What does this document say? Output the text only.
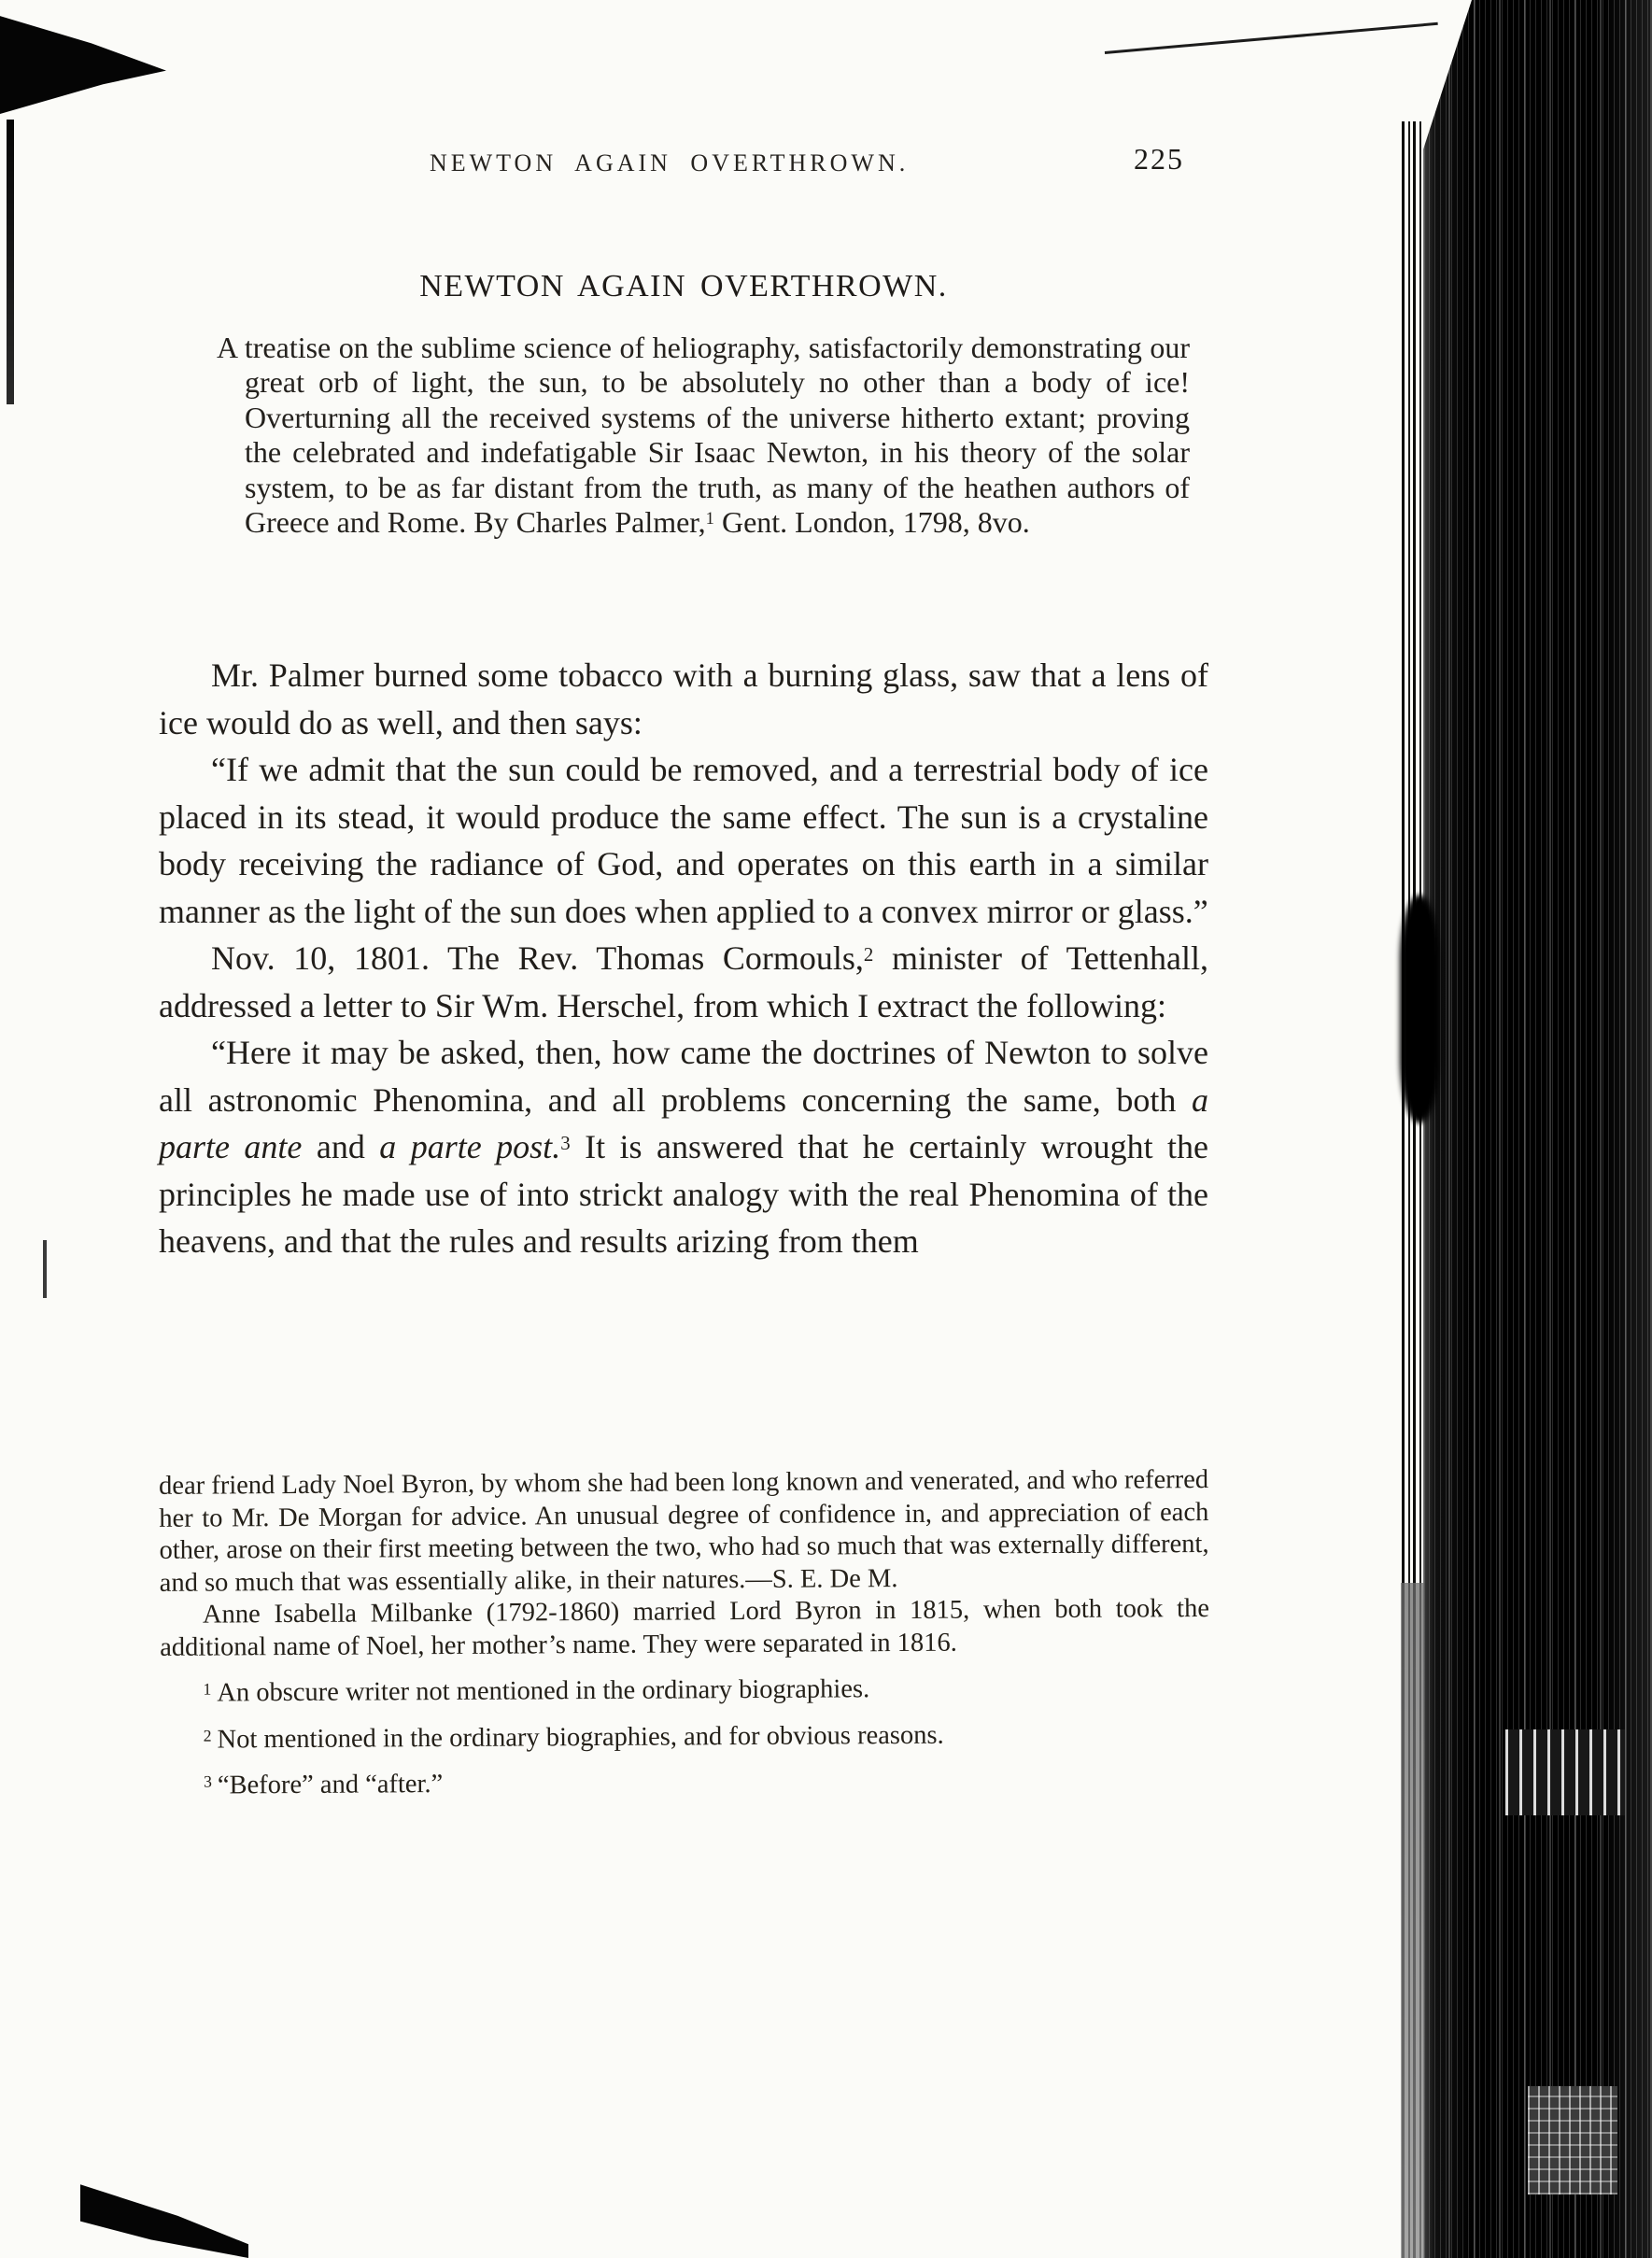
NEWTON AGAIN OVERTHROWN.	225
NEWTON AGAIN OVERTHROWN.

A treatise on the sublime science of heliography, satisfactorily demonstrating our great orb of light, the sun, to be absolutely no other than a body of ice! Overturning all the received systems of the universe hitherto extant; proving the celebrated and indefatigable Sir Isaac Newton, in his theory of the solar system, to be as far distant from the truth, as many of the heathen authors of Greece and Rome. By Charles Palmer,$^1$ Gent. London, 1798, 8vo.

Mr. Palmer burned some tobacco with a burning glass, saw that a lens of ice would do as well, and then says:

“If we admit that the sun could be removed, and a terrestrial body of ice placed in its stead, it would produce the same effect. The sun is a crystaline body receiving the radiance of God, and operates on this earth in a similar manner as the light of the sun does when applied to a convex mirror or glass.”

Nov. 10, 1801. The Rev. Thomas Cormouls,$^2$ minister of Tettenhall, addressed a letter to Sir Wm. Herschel, from which I extract the following:

“Here it may be asked, then, how came the doctrines of Newton to solve all astronomic Phenomina, and all problems concerning the same, both a parte ante and a parte post.$^3$ It is answered that he certainly wrought the principles he made use of into strickt analogy with the real Phenomina of the heavens, and that the rules and results arizing from them

dear friend Lady Noel Byron, by whom she had been long known and venerated, and who referred her to Mr. De Morgan for advice. An unusual degree of confidence in, and appreciation of each other, arose on their first meeting between the two, who had so much that was externally different, and so much that was essentially alike, in their natures.—S. E. De M.

Anne Isabella Milbanke (1792-1860) married Lord Byron in 1815, when both took the additional name of Noel, her mother’s name. They were separated in 1816.

$^1$ An obscure writer not mentioned in the ordinary biographies.

$^2$ Not mentioned in the ordinary biographies, and for obvious reasons.

$^3$ “Before” and “after.”
